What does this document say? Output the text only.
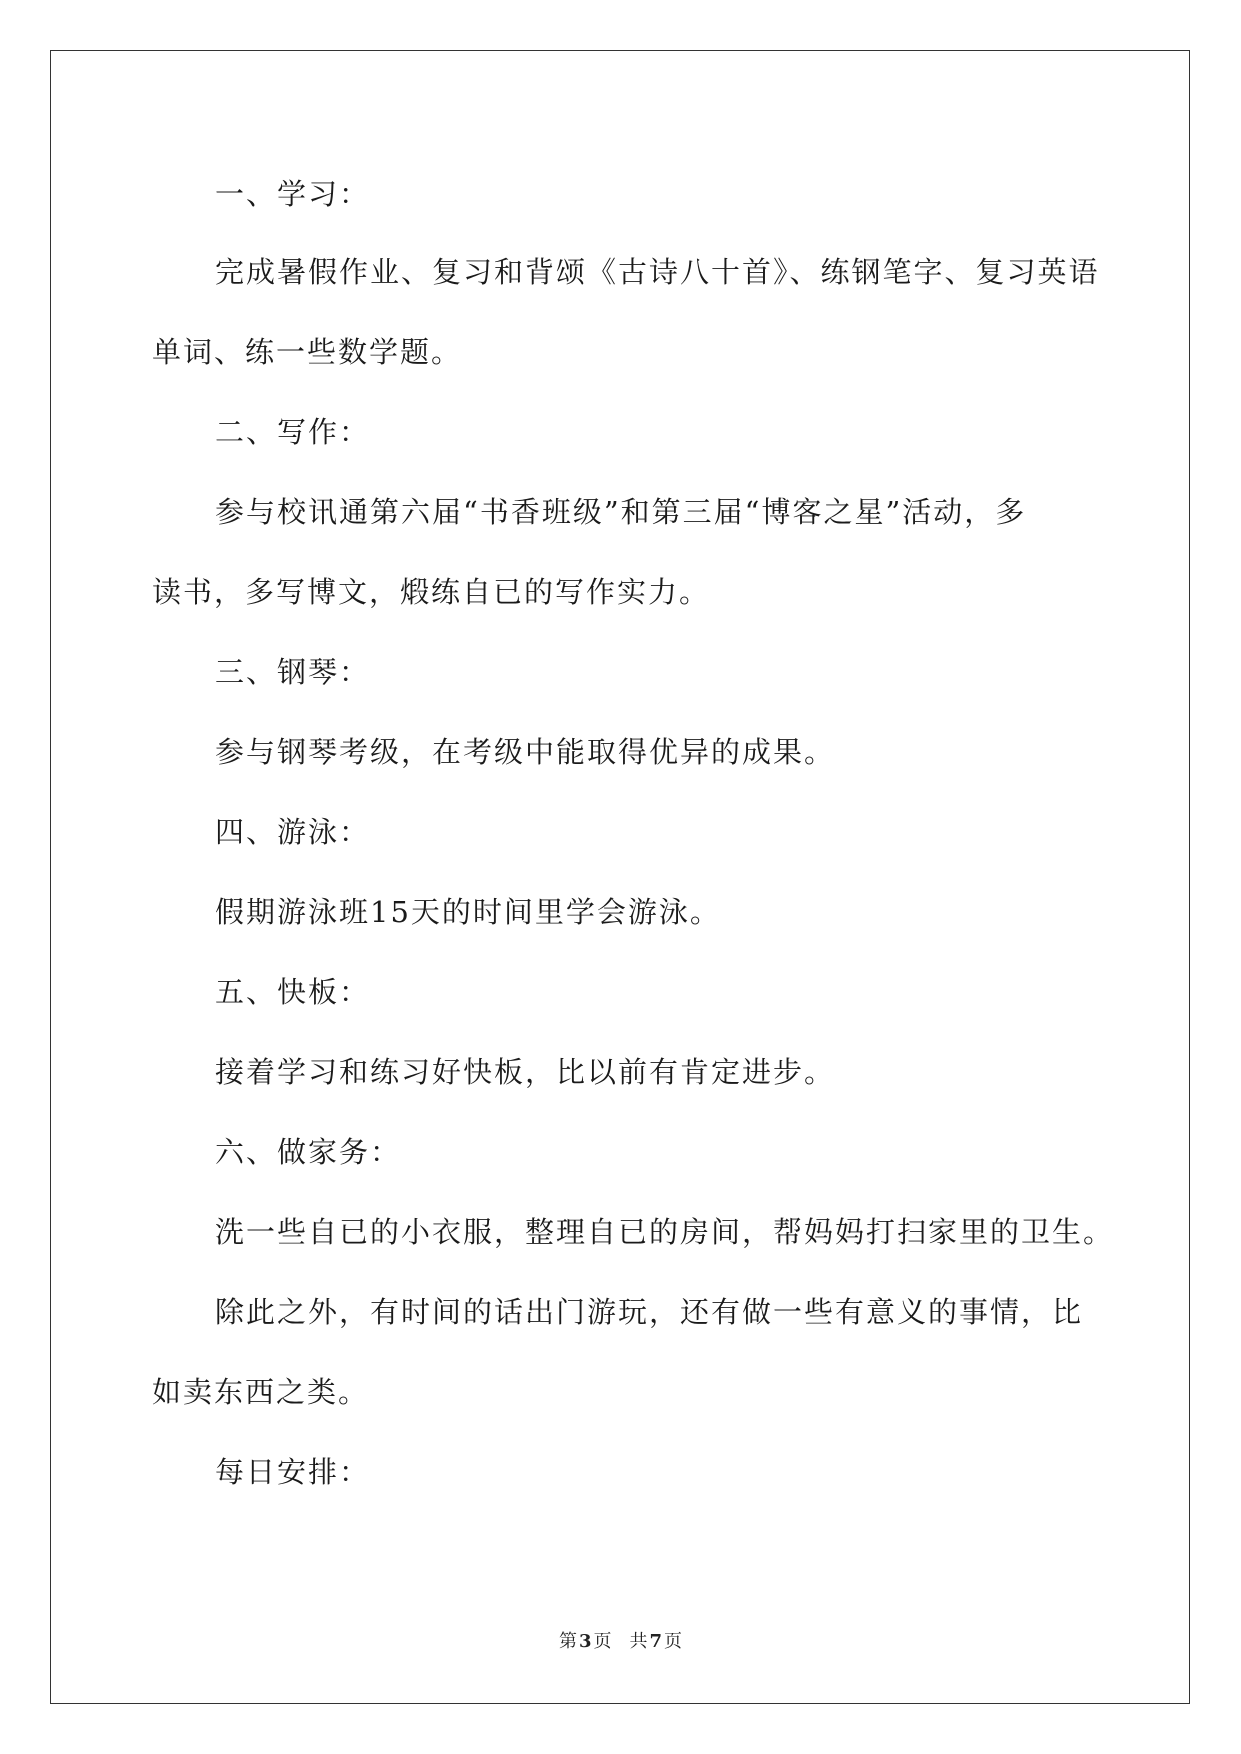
一、学习：
完成暑假作业、复习和背颂《古诗八十首》、练钢笔字、复习英语
单词、练一些数学题。
二、写作：
参与校讯通第六届“书香班级”和第三届“博客之星”活动，多
读书，多写博文，煅练自已的写作实力。
三、钢琴：
参与钢琴考级，在考级中能取得优异的成果。
四、游泳：
假期游泳班15天的时间里学会游泳。
五、快板：
接着学习和练习好快板，比以前有肯定进步。
六、做家务：
洗一些自已的小衣服，整理自已的房间，帮妈妈打扫家里的卫生。
除此之外，有时间的话出门游玩，还有做一些有意义的事情，比
如卖东西之类。
每日安排：
第 3 页 共 7 页
